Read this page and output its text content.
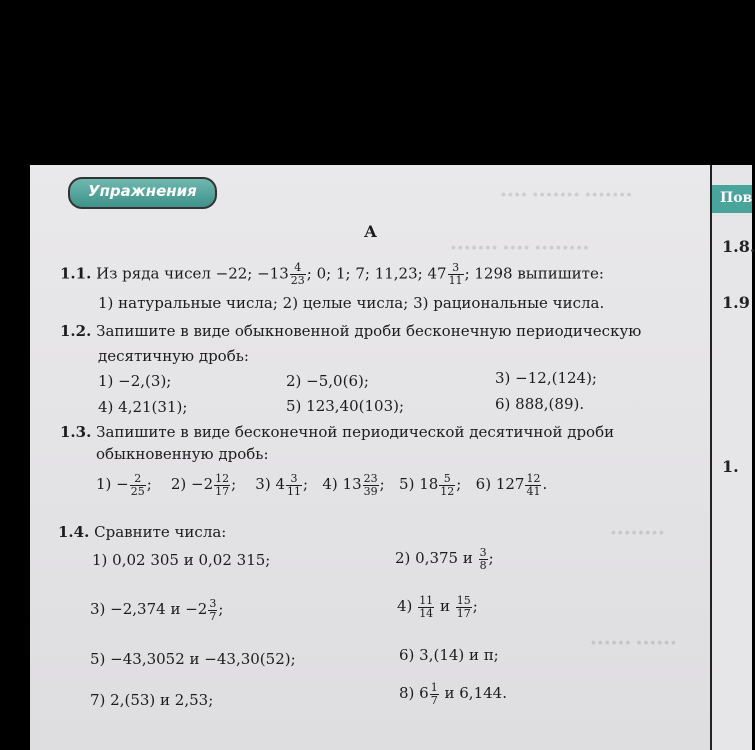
∙∙∙∙ ∙∙∙∙∙∙∙ ∙∙∙∙∙∙∙
∙∙∙∙∙∙∙ ∙∙∙∙ ∙∙∙∙∙∙∙∙
∙∙∙∙∙∙∙∙
∙∙∙∙∙∙ ∙∙∙∙∙∙
Упражнения
А
1.1. Из ряда чисел −22; $-13 \frac{4}{23}$ ; 0; 1; 7; 11,23; $47 \frac{3}{11}$ ; 1298 выпишите:
1) натуральные числа; 2) целые числа; 3) рациональные числа.
1.2. Запишите в виде обыкновенной дроби бесконечную периодическую
десятичную дробь:
1) −2,(3);	2) −5,0(6);	3) −12,(124);
4) 4,21(31);	5) 123,40(103);	6) 888,(89).
1.3. Запишите в виде бесконечной периодической десятичной дроби
обыкновенную дробь:
$1) - \frac{2}{25}$ ; $2) -2 \frac{12}{17}$ ; 3) $4 \frac{3}{11}$ ; 4) $13 \frac{23}{39}$ ; 5) $18 \frac{5}{12}$ ; 6) $127 \frac{12}{41}$ .
1.4. Сравните числа:
1) 0,02 305 и 0,02 315;	2) 0,375 и $\frac{3}{8}$ ;
3) −2,374 $и -2 \frac{3}{7}$ ;	$4) \frac{11}{14}$ и $\frac{15}{17}$ ;
5) −43,3052 и −43,30(52);	6) 3,(14) и π;
7) 2,(53) и 2,53;	8) $6 \frac{1}{7}$ и 6,144.
Пов
1.8.
1.9
1.
